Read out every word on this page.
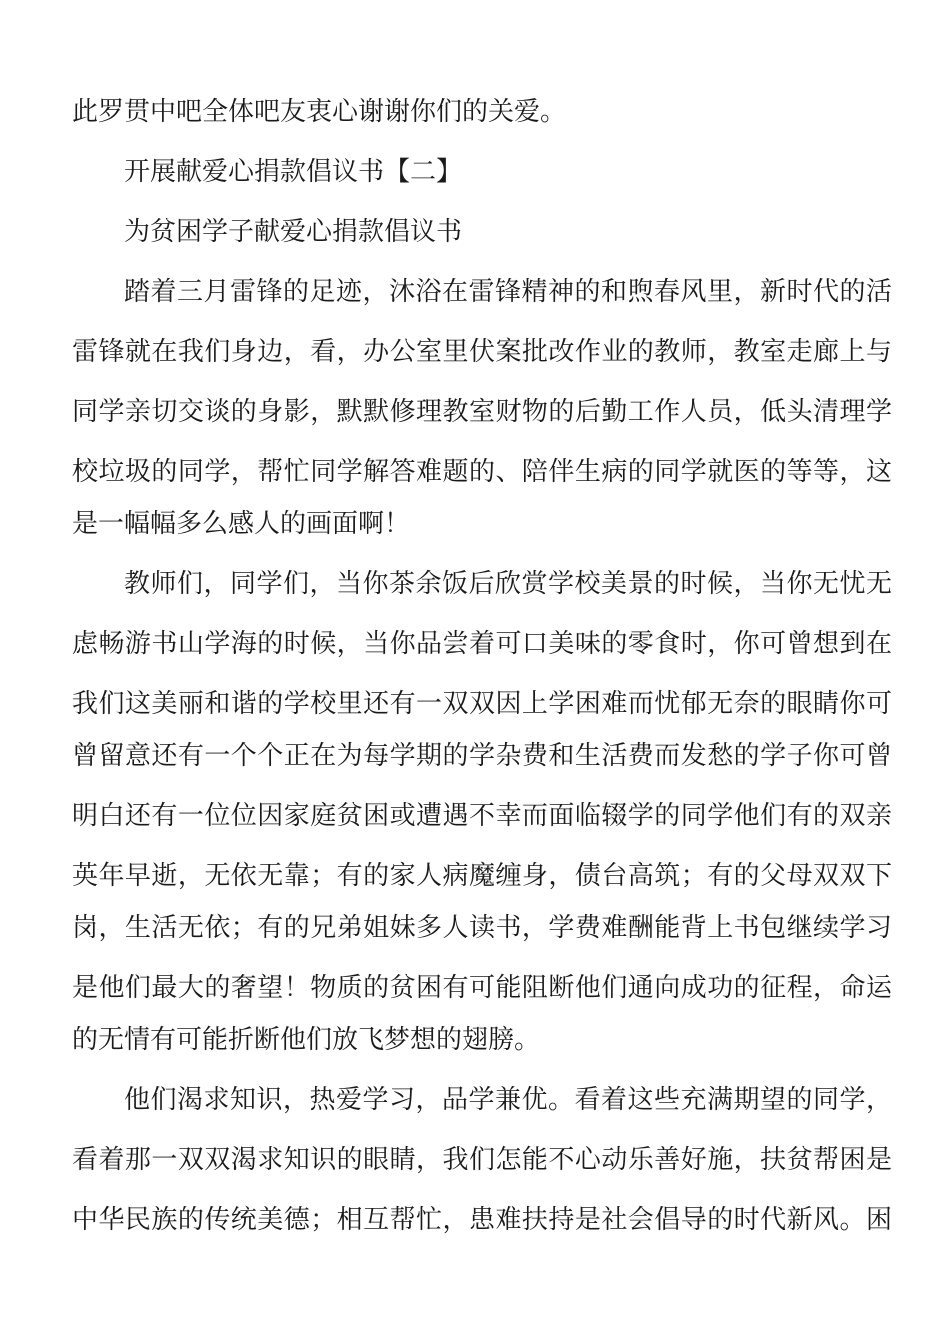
此罗贯中吧全体吧友衷心谢谢你们的关爱。
开展献爱心捐款倡议书【二】
为贫困学子献爱心捐款倡议书
踏着三月雷锋的足迹，沐浴在雷锋精神的和煦春风里，新时代的活
雷锋就在我们身边，看，办公室里伏案批改作业的教师，教室走廊上与
同学亲切交谈的身影，默默修理教室财物的后勤工作人员，低头清理学
校垃圾的同学，帮忙同学解答难题的、陪伴生病的同学就医的等等，这
是一幅幅多么感人的画面啊！
教师们，同学们，当你茶余饭后欣赏学校美景的时候，当你无忧无
虑畅游书山学海的时候，当你品尝着可口美味的零食时，你可曾想到在
我们这美丽和谐的学校里还有一双双因上学困难而忧郁无奈的眼睛你可
曾留意还有一个个正在为每学期的学杂费和生活费而发愁的学子你可曾
明白还有一位位因家庭贫困或遭遇不幸而面临辍学的同学他们有的双亲
英年早逝，无依无靠；有的家人病魔缠身，债台高筑；有的父母双双下
岗，生活无依；有的兄弟姐妹多人读书，学费难酬能背上书包继续学习
是他们最大的奢望！物质的贫困有可能阻断他们通向成功的征程，命运
的无情有可能折断他们放飞梦想的翅膀。
他们渴求知识，热爱学习，品学兼优。看着这些充满期望的同学，
看着那一双双渴求知识的眼睛，我们怎能不心动乐善好施，扶贫帮困是
中华民族的传统美德；相互帮忙，患难扶持是社会倡导的时代新风。困
